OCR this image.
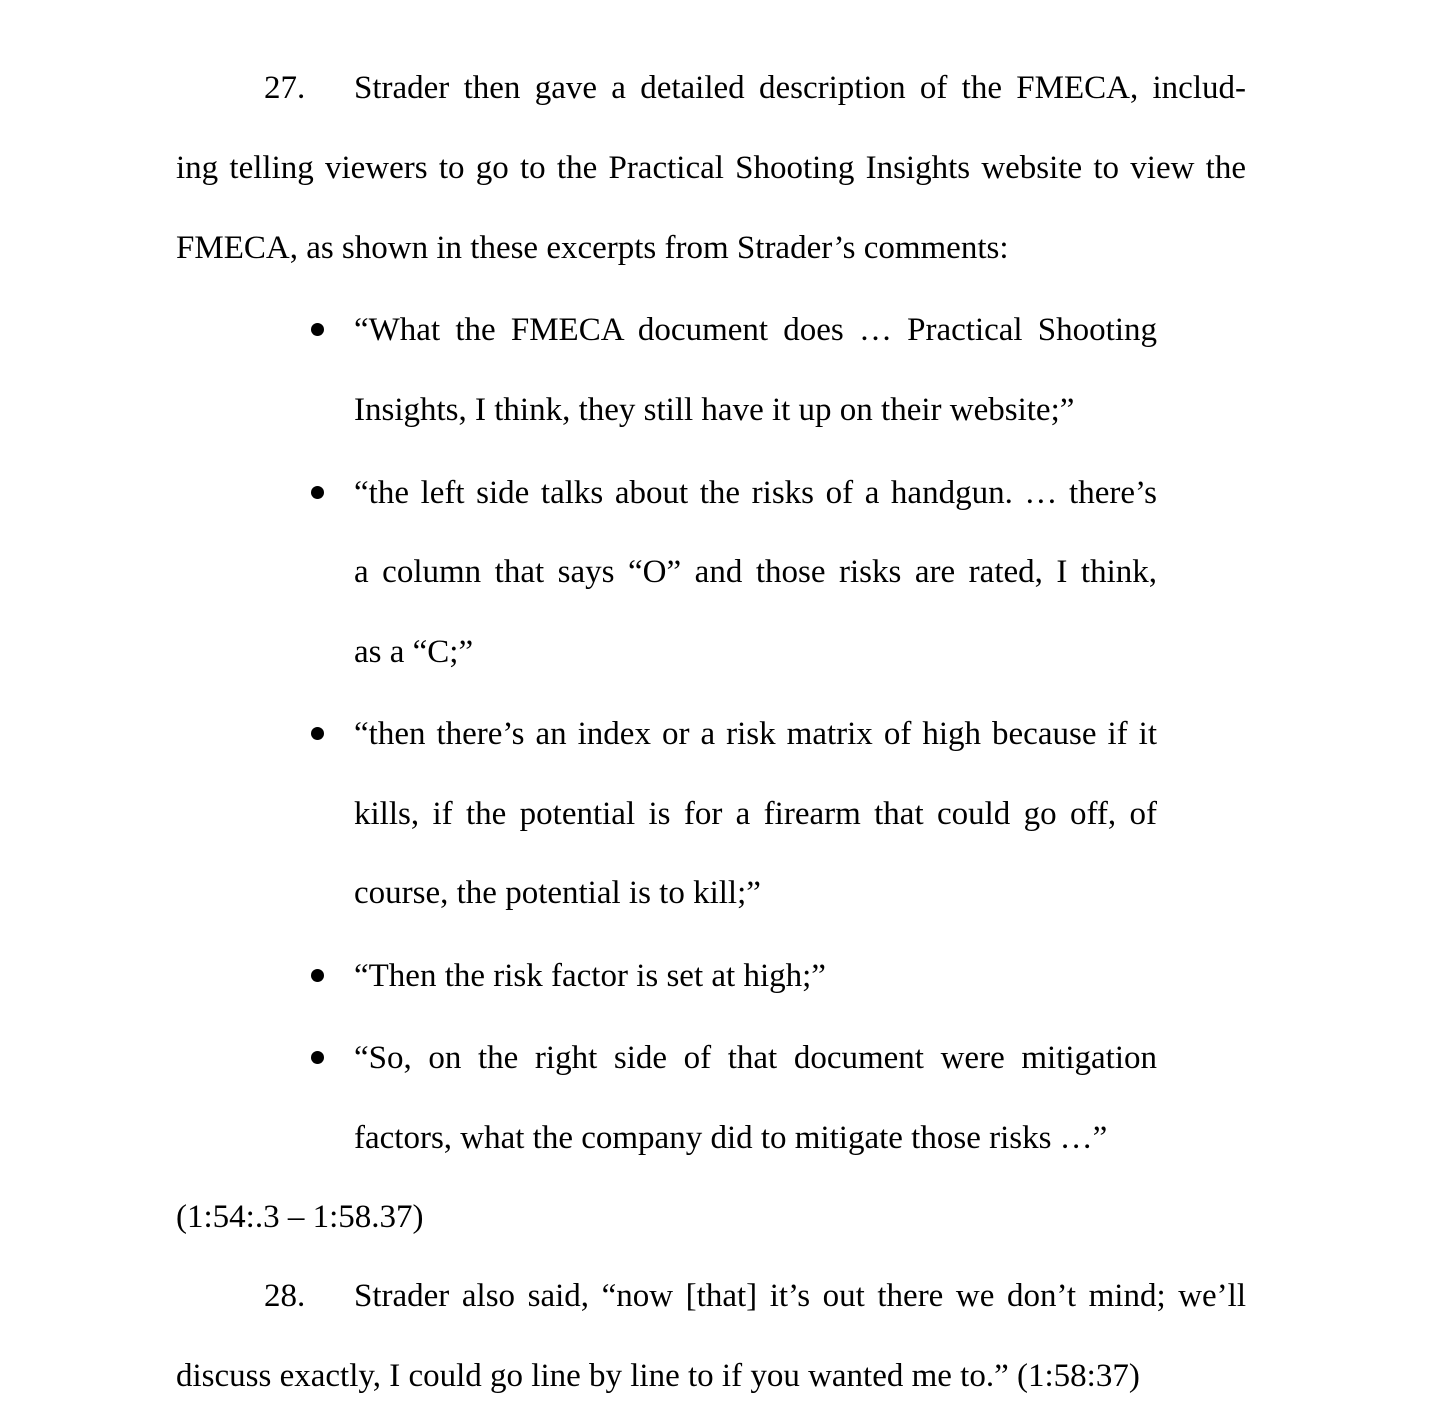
27. Strader then gave a detailed description of the FMECA, includ-
ing telling viewers to go to the Practical Shooting Insights website to view the
FMECA, as shown in these excerpts from Strader’s comments:
“What the FMECA document does … Practical Shooting
Insights, I think, they still have it up on their website;”
“the left side talks about the risks of a handgun. … there’s
a column that says “O” and those risks are rated, I think,
as a “C;”
“then there’s an index or a risk matrix of high because if it
kills, if the potential is for a firearm that could go off, of
course, the potential is to kill;”
“Then the risk factor is set at high;”
“So, on the right side of that document were mitigation
factors, what the company did to mitigate those risks …”
(1:54:.3 – 1:58.37)
28. Strader also said, “now [that] it’s out there we don’t mind; we’ll
discuss exactly, I could go line by line to if you wanted me to.” (1:58:37)
